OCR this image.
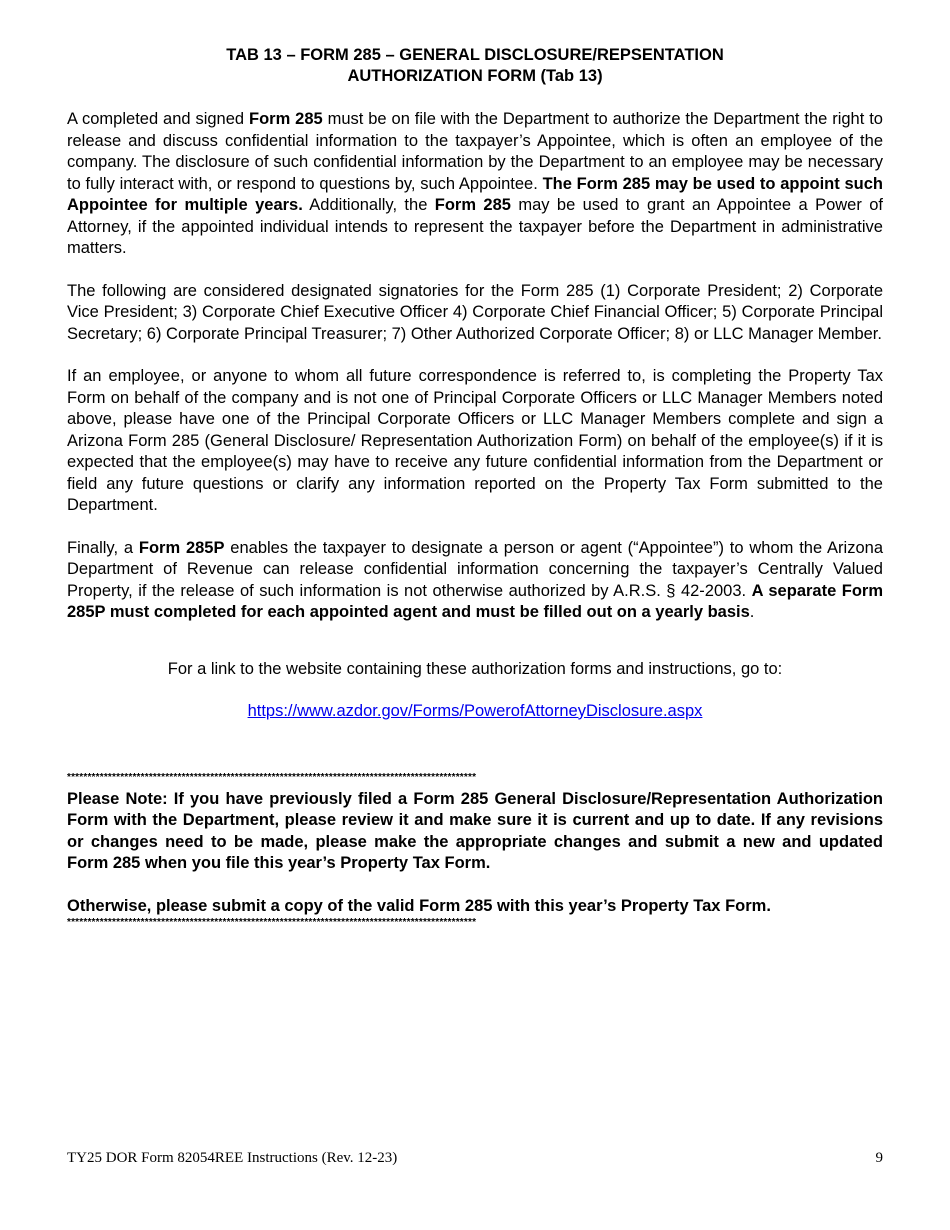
TAB 13 – FORM 285 – GENERAL DISCLOSURE/REPSENTATION
AUTHORIZATION FORM (Tab 13)

A completed and signed Form 285 must be on file with the Department to authorize the Department the right to release and discuss confidential information to the taxpayer’s Appointee, which is often an employee of the company. The disclosure of such confidential information by the Department to an employee may be necessary to fully interact with, or respond to questions by, such Appointee. The Form 285 may be used to appoint such Appointee for multiple years. Additionally, the Form 285 may be used to grant an Appointee a Power of Attorney, if the appointed individual intends to represent the taxpayer before the Department in administrative matters.

The following are considered designated signatories for the Form 285 (1) Corporate President; 2) Corporate Vice President; 3) Corporate Chief Executive Officer 4) Corporate Chief Financial Officer; 5) Corporate Principal Secretary; 6) Corporate Principal Treasurer; 7) Other Authorized Corporate Officer; 8) or LLC Manager Member.

If an employee, or anyone to whom all future correspondence is referred to, is completing the Property Tax Form on behalf of the company and is not one of Principal Corporate Officers or LLC Manager Members noted above, please have one of the Principal Corporate Officers or LLC Manager Members complete and sign a Arizona Form 285 (General Disclosure/ Representation Authorization Form) on behalf of the employee(s) if it is expected that the employee(s) may have to receive any future confidential information from the Department or field any future questions or clarify any information reported on the Property Tax Form submitted to the Department.

Finally, a Form 285P enables the taxpayer to designate a person or agent (“Appointee”) to whom the Arizona Department of Revenue can release confidential information concerning the taxpayer’s Centrally Valued Property, if the release of such information is not otherwise authorized by A.R.S. § 42-2003. A separate Form 285P must completed for each appointed agent and must be filled out on a yearly basis.

For a link to the website containing these authorization forms and instructions, go to:

https://www.azdor.gov/Forms/PowerofAttorneyDisclosure.aspx

****************************************************************************************************

Please Note: If you have previously filed a Form 285 General Disclosure/Representation Authorization Form with the Department, please review it and make sure it is current and up to date. If any revisions or changes need to be made, please make the appropriate changes and submit a new and updated Form 285 when you file this year’s Property Tax Form.

Otherwise, please submit a copy of the valid Form 285 with this year’s Property Tax Form.

****************************************************************************************************
TY25 DOR Form 82054REE Instructions (Rev. 12-23)	9
